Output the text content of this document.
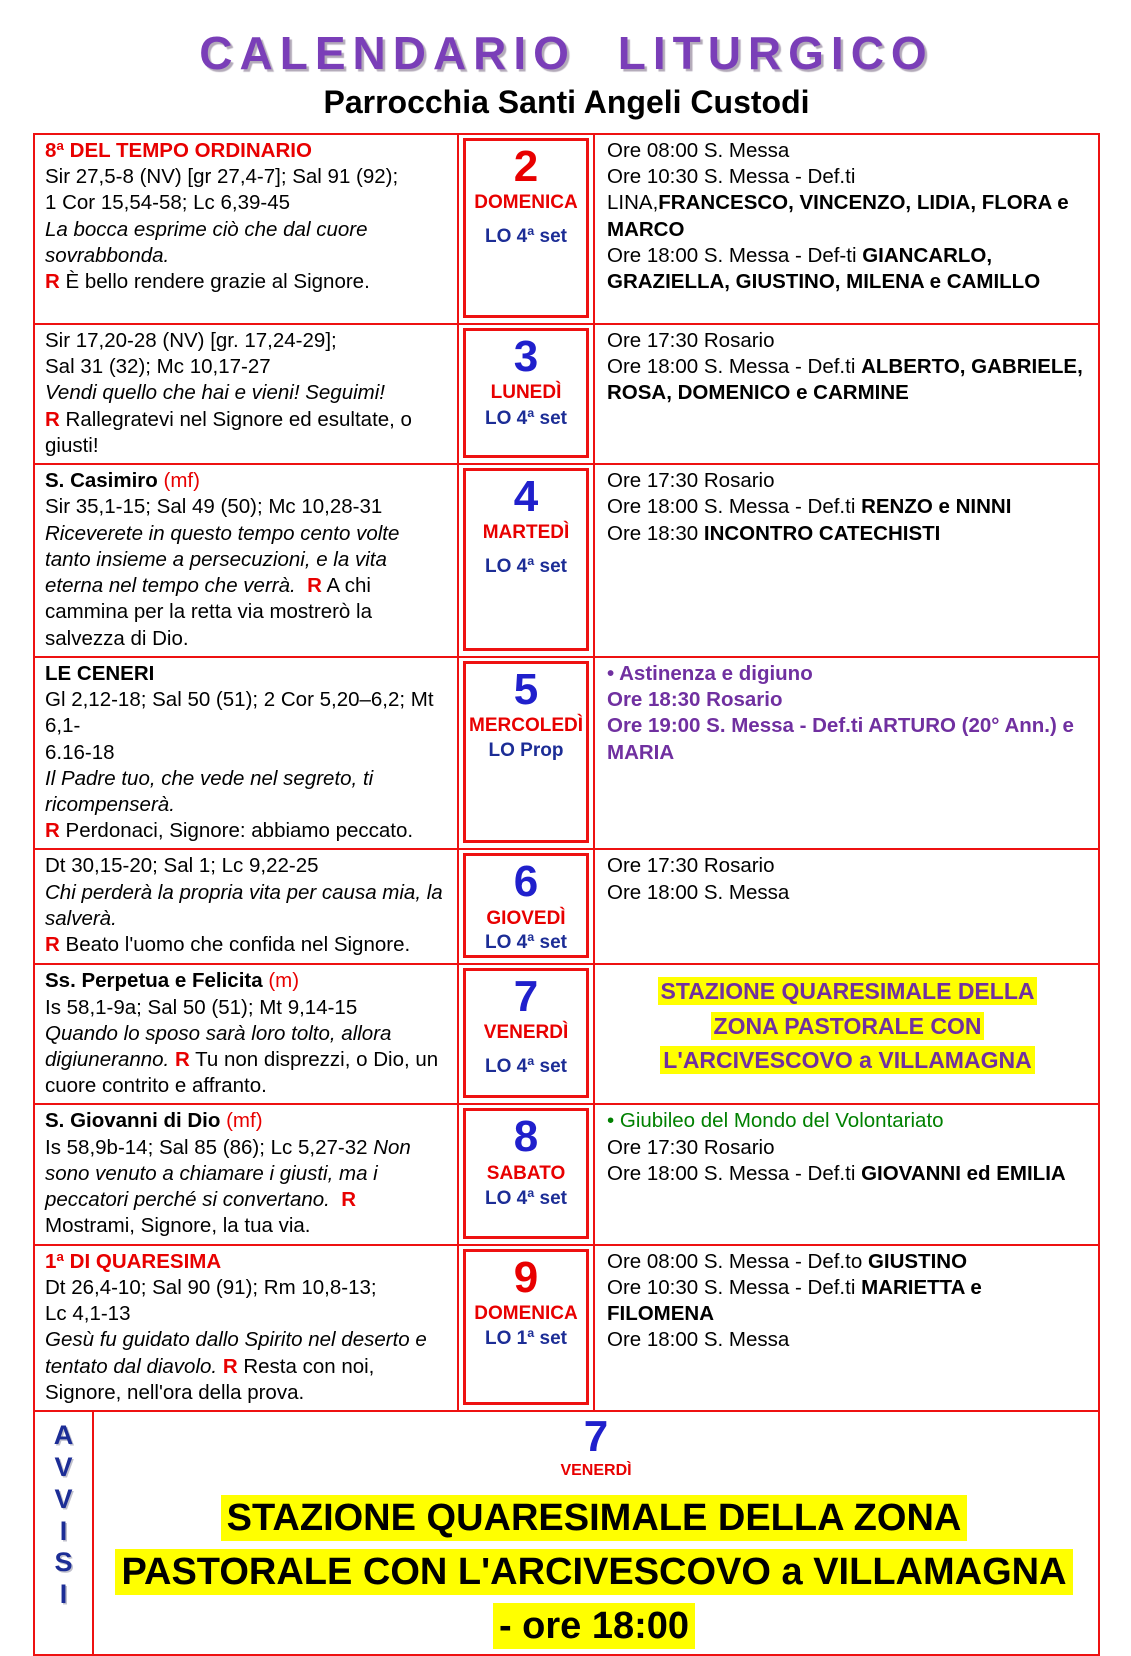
CALENDARIO LITURGICO
Parrocchia Santi Angeli Custodi
8ª DEL TEMPO ORDINARIO
Sir 27,5-8 (NV) [gr 27,4-7]; Sal 91 (92);
1 Cor 15,54-58; Lc 6,39-45
La bocca esprime ciò che dal cuore sovrabbonda.
R È bello rendere grazie al Signore.
2
DOMENICA
LO 4ª set
Ore 08:00 S. Messa
Ore 10:30 S. Messa - Def.ti
LINA,FRANCESCO, VINCENZO, LIDIA, FLORA e MARCO
Ore 18:00 S. Messa - Def-ti GIANCARLO, GRAZIELLA, GIUSTINO, MILENA e CAMILLO
Sir 17,20-28 (NV) [gr. 17,24-29];
Sal 31 (32); Mc 10,17-27
Vendi quello che hai e vieni! Seguimi!
R Rallegratevi nel Signore ed esultate, o giusti!
3
LUNEDÌ
LO 4ª set
Ore 17:30 Rosario
Ore 18:00 S. Messa - Def.ti ALBERTO, GABRIELE, ROSA, DOMENICO e CARMINE
S. Casimiro (mf)
Sir 35,1-15; Sal 49 (50); Mc 10,28-31
Riceverete in questo tempo cento volte tanto insieme a persecuzioni, e la vita eterna nel tempo che verrà. R A chi cammina per la retta via mostrerò la salvezza di Dio.
4
MARTEDÌ
LO 4ª set
Ore 17:30 Rosario
Ore 18:00 S. Messa - Def.ti RENZO e NINNI
Ore 18:30 INCONTRO CATECHISTI
LE CENERI
Gl 2,12-18; Sal 50 (51); 2 Cor 5,20–6,2; Mt 6,1-
6.16-18
Il Padre tuo, che vede nel segreto, ti ricompenserà.
R Perdonaci, Signore: abbiamo peccato.
5
MERCOLEDÌ
LO Prop
• Astinenza e digiuno
Ore 18:30 Rosario
Ore 19:00 S. Messa - Def.ti ARTURO (20° Ann.) e MARIA
Dt 30,15-20; Sal 1; Lc 9,22-25
Chi perderà la propria vita per causa mia, la salverà.
R Beato l'uomo che confida nel Signore.
6
GIOVEDÌ
LO 4ª set
Ore 17:30 Rosario
Ore 18:00 S. Messa
Ss. Perpetua e Felicita (m)
Is 58,1-9a; Sal 50 (51); Mt 9,14-15
Quando lo sposo sarà loro tolto, allora digiuneranno. R Tu non disprezzi, o Dio, un cuore contrito e affranto.
7
VENERDÌ
LO 4ª set
STAZIONE QUARESIMALE DELLA ZONA PASTORALE CON L'ARCIVESCOVO a VILLAMAGNA
S. Giovanni di Dio (mf)
Is 58,9b-14; Sal 85 (86); Lc 5,27-32 Non sono venuto a chiamare i giusti, ma i peccatori perché si convertano. R Mostrami, Signore, la tua via.
8
SABATO
LO 4ª set
• Giubileo del Mondo del Volontariato
Ore 17:30 Rosario
Ore 18:00 S. Messa - Def.ti GIOVANNI ed EMILIA
1ª DI QUARESIMA
Dt 26,4-10; Sal 90 (91); Rm 10,8-13;
Lc 4,1-13
Gesù fu guidato dallo Spirito nel deserto e tentato dal diavolo. R Resta con noi, Signore, nell'ora della prova.
9
DOMENICA
LO 1ª set
Ore 08:00 S. Messa - Def.to GIUSTINO
Ore 10:30 S. Messa - Def.ti MARIETTA e FILOMENA
Ore 18:00 S. Messa
A
V
V
I
S
I
7
VENERDÌ
STAZIONE QUARESIMALE DELLA ZONA PASTORALE CON L'ARCIVESCOVO a VILLAMAGNA - ore 18:00
